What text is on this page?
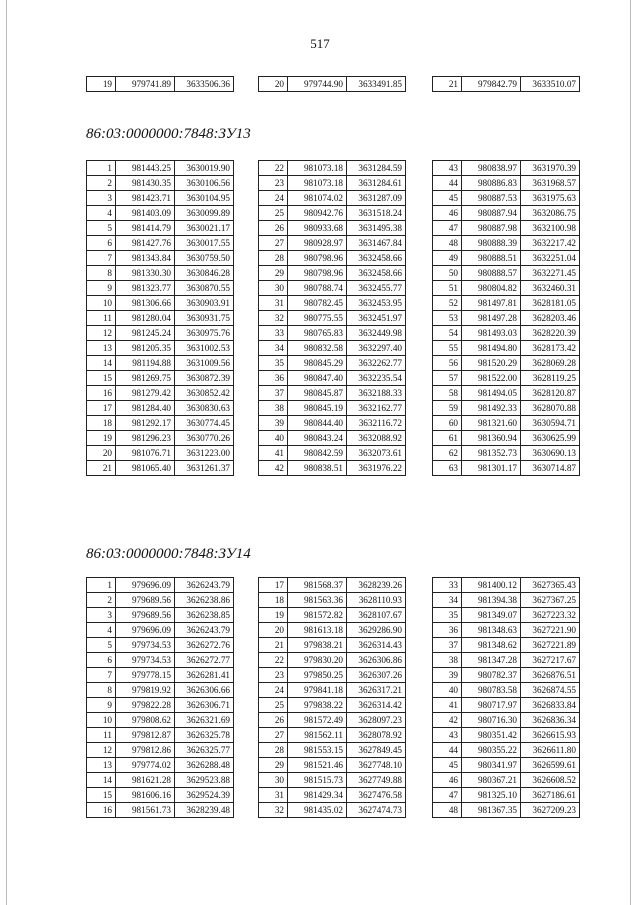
517
19	979741.89	3633506.36	20	979744.90	3633491.85	21	979842.79	3633510.07
86:03:0000000:7848:ЗУ13
1	981443.25	3630019.90
2	981430.35	3630106.56
3	981423.71	3630104.95
4	981403.09	3630099.89
5	981414.79	3630021.17
6	981427.76	3630017.55
7	981343.84	3630759.50
8	981330.30	3630846.28
9	981323.77	3630870.55
10	981306.66	3630903.91
11	981280.04	3630931.75
12	981245.24	3630975.76
13	981205.35	3631002.53
14	981194.88	3631009.56
15	981269.75	3630872.39
16	981279.42	3630852.42
17	981284.40	3630830.63
18	981292.17	3630774.45
19	981296.23	3630770.26
20	981076.71	3631223.00
21	981065.40	3631261.37
22	981073.18	3631284.59
23	981073.18	3631284.61
24	981074.02	3631287.09
25	980942.76	3631518.24
26	980933.68	3631495.38
27	980928.97	3631467.84
28	980798.96	3632458.66
29	980798.96	3632458.66
30	980788.74	3632455.77
31	980782.45	3632453.95
32	980775.55	3632451.97
33	980765.83	3632449.98
34	980832.58	3632297.40
35	980845.29	3632262.77
36	980847.40	3632235.54
37	980845.87	3632188.33
38	980845.19	3632162.77
39	980844.40	3632116.72
40	980843.24	3632088.92
41	980842.59	3632073.61
42	980838.51	3631976.22
43	980838.97	3631970.39
44	980886.83	3631968.57
45	980887.53	3631975.63
46	980887.94	3632086.75
47	980887.98	3632100.98
48	980888.39	3632217.42
49	980888.51	3632251.04
50	980888.57	3632271.45
51	980804.82	3632460.31
52	981497.81	3628181.05
53	981497.28	3628203.46
54	981493.03	3628220.39
55	981494.80	3628173.42
56	981520.29	3628069.28
57	981522.00	3628119.25
58	981494.05	3628120.87
59	981492.33	3628070.88
60	981321.60	3630594.71
61	981360.94	3630625.99
62	981352.73	3630690.13
63	981301.17	3630714.87
86:03:0000000:7848:ЗУ14
1	979696.09	3626243.79
2	979689.56	3626238.86
3	979689.56	3626238.85
4	979696.09	3626243.79
5	979734.53	3626272.76
6	979734.53	3626272.77
7	979778.15	3626281.41
8	979819.92	3626306.66
9	979822.28	3626306.71
10	979808.62	3626321.69
11	979812.87	3626325.78
12	979812.86	3626325.77
13	979774.02	3626288.48
14	981621.28	3629523.88
15	981606.16	3629524.39
16	981561.73	3628239.48
17	981568.37	3628239.26
18	981563.36	3628110.93
19	981572.82	3628107.67
20	981613.18	3629286.90
21	979838.21	3626314.43
22	979830.20	3626306.86
23	979850.25	3626307.26
24	979841.18	3626317.21
25	979838.22	3626314.42
26	981572.49	3628097.23
27	981562.11	3628078.92
28	981553.15	3627849.45
29	981521.46	3627748.10
30	981515.73	3627749.88
31	981429.34	3627476.58
32	981435.02	3627474.73
33	981400.12	3627365.43
34	981394.38	3627367.25
35	981349.07	3627223.32
36	981348.63	3627221.90
37	981348.62	3627221.89
38	981347.28	3627217.67
39	980782.37	3626876.51
40	980783.58	3626874.55
41	980717.97	3626833.84
42	980716.30	3626836.34
43	980351.42	3626615.93
44	980355.22	3626611.80
45	980341.97	3626599.61
46	980367.21	3626608.52
47	981325.10	3627186.61
48	981367.35	3627209.23
